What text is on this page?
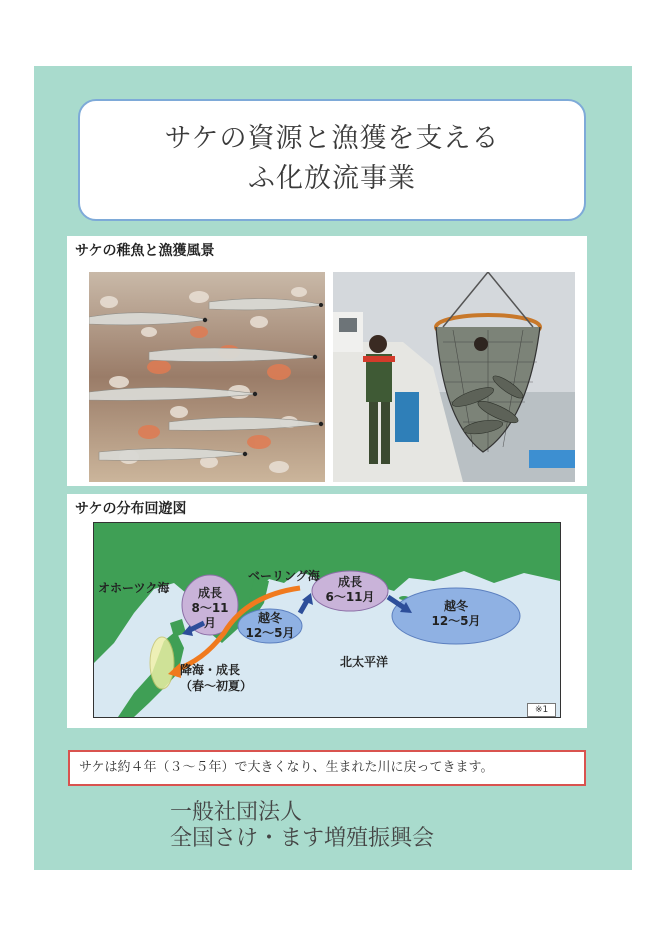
サケの資源と漁獲を支える
ふ化放流事業
サケの稚魚と漁獲風景
サケの分布回遊図
オホーツク海
ベーリング海
北太平洋
降海・成長
（春～初夏）
成長
8～11月	越冬
12～5月
成長
6～11月
越冬
12～5月
※1
サケは約４年（３～５年）で大きくなり、生まれた川に戻ってきます。
一般社団法人
全国さけ・ます増殖振興会
